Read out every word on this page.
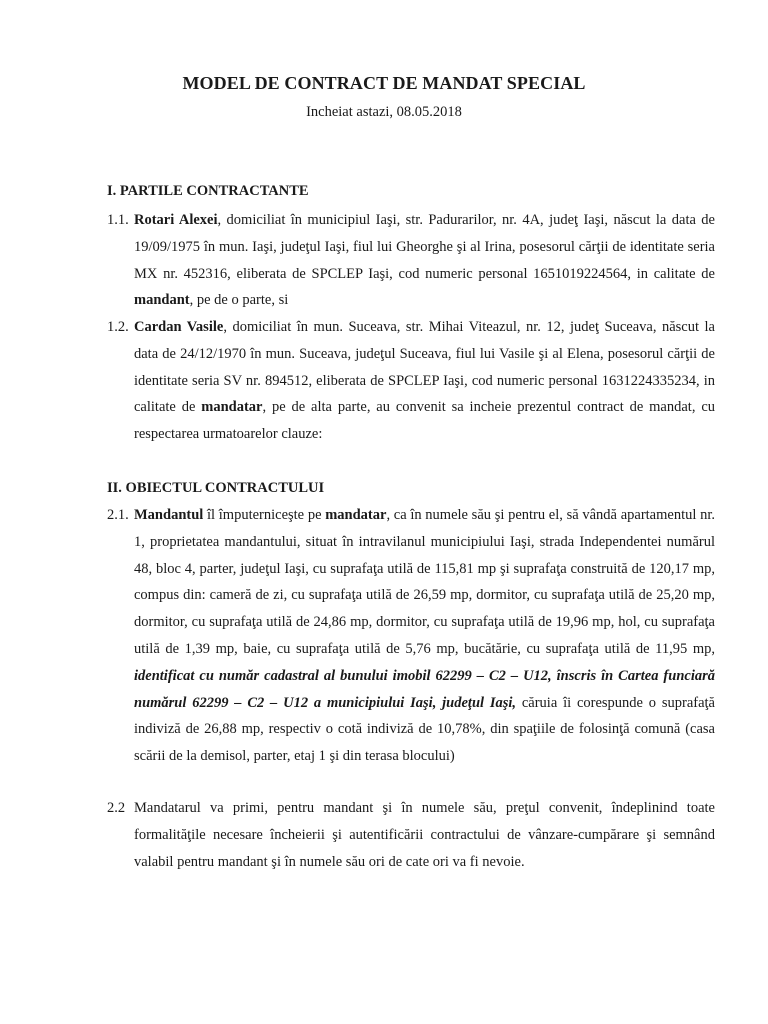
MODEL DE CONTRACT DE MANDAT SPECIAL
Incheiat astazi, 08.05.2018
I. PARTILE CONTRACTANTE
1.1. Rotari Alexei, domiciliat în municipiul Iaşi, str. Padurarilor, nr. 4A, judeţ Iaşi, născut la data de 19/09/1975 în mun. Iaşi, judeţul Iaşi, fiul lui Gheorghe şi al Irina, posesorul cărţii de identitate seria MX nr. 452316, eliberata de SPCLEP Iaşi, cod numeric personal 1651019224564, in calitate de mandant, pe de o parte, si
1.2. Cardan Vasile, domiciliat în mun. Suceava, str. Mihai Viteazul, nr. 12, judeţ Suceava, născut la data de 24/12/1970 în mun. Suceava, judeţul Suceava, fiul lui Vasile şi al Elena, posesorul cărţii de identitate seria SV nr. 894512, eliberata de SPCLEP Iaşi, cod numeric personal 1631224335234, in calitate de mandatar, pe de alta parte, au convenit sa incheie prezentul contract de mandat, cu respectarea urmatoarelor clauze:
II. OBIECTUL CONTRACTULUI
2.1. Mandantul îl împuterniceşte pe mandatar, ca în numele său şi pentru el, să vândă apartamentul nr. 1, proprietatea mandantului, situat în intravilanul municipiului Iaşi, strada Independentei numărul 48, bloc 4, parter, judeţul Iaşi, cu suprafaţa utilă de 115,81 mp şi suprafaţa construită de 120,17 mp, compus din: cameră de zi, cu suprafaţa utilă de 26,59 mp, dormitor, cu suprafaţa utilă de 25,20 mp, dormitor, cu suprafaţa utilă de 24,86 mp, dormitor, cu suprafaţa utilă de 19,96 mp, hol, cu suprafaţa utilă de 1,39 mp, baie, cu suprafaţa utilă de 5,76 mp, bucătărie, cu suprafaţa utilă de 11,95 mp, identificat cu număr cadastral al bunului imobil 62299 – C2 – U12, înscris în Cartea funciară numărul 62299 – C2 – U12 a municipiului Iaşi, judeţul Iaşi, căruia îi corespunde o suprafaţă indiviză de 26,88 mp, respectiv o cotă indiviză de 10,78%, din spaţiile de folosinţă comună (casa scării de la demisol, parter, etaj 1 şi din terasa blocului)
2.2 Mandatarul va primi, pentru mandant şi în numele său, preţul convenit, îndeplinind toate formalităţile necesare încheierii şi autentificării contractului de vânzare-cumpărare şi semnând valabil pentru mandant şi în numele său ori de cate ori va fi nevoie.
